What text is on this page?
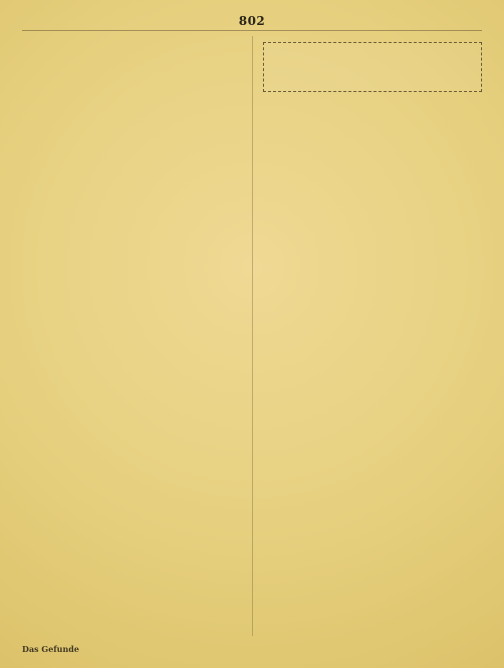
802
Das Gefunde
